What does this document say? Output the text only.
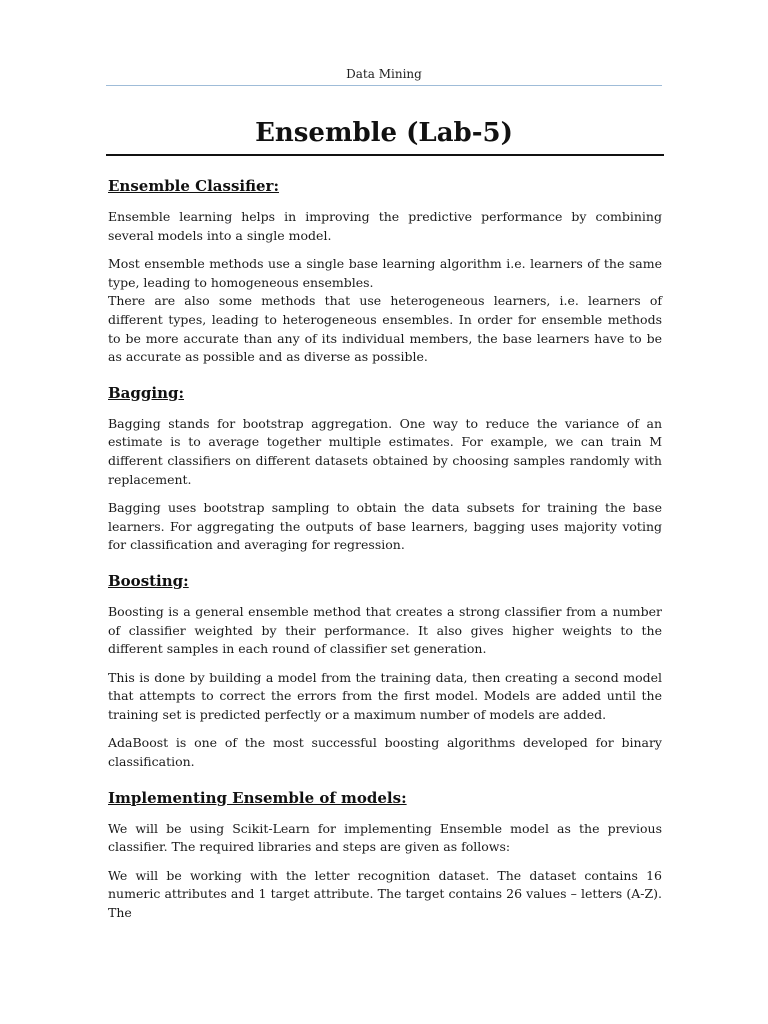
Data Mining
Ensemble (Lab-5)
Ensemble Classifier:

Ensemble learning helps in improving the predictive performance by combining several models into a single model.

Most ensemble methods use a single base learning algorithm i.e. learners of the same type, leading to homogeneous ensembles.

There are also some methods that use heterogeneous learners, i.e. learners of different types, leading to heterogeneous ensembles. In order for ensemble methods to be more accurate than any of its individual members, the base learners have to be as accurate as possible and as diverse as possible.

Bagging:

Bagging stands for bootstrap aggregation. One way to reduce the variance of an estimate is to average together multiple estimates. For example, we can train M different classifiers on different datasets obtained by choosing samples randomly with replacement.

Bagging uses bootstrap sampling to obtain the data subsets for training the base learners. For aggregating the outputs of base learners, bagging uses majority voting for classification and averaging for regression.

Boosting:

Boosting is a general ensemble method that creates a strong classifier from a number of classifier weighted by their performance. It also gives higher weights to the different samples in each round of classifier set generation.

This is done by building a model from the training data, then creating a second model that attempts to correct the errors from the first model. Models are added until the training set is predicted perfectly or a maximum number of models are added.

AdaBoost is one of the most successful boosting algorithms developed for binary classification.

Implementing Ensemble of models:

We will be using Scikit-Learn for implementing Ensemble model as the previous classifier. The required libraries and steps are given as follows:

We will be working with the letter recognition dataset. The dataset contains 16 numeric attributes and 1 target attribute. The target contains 26 values – letters (A-Z). The
